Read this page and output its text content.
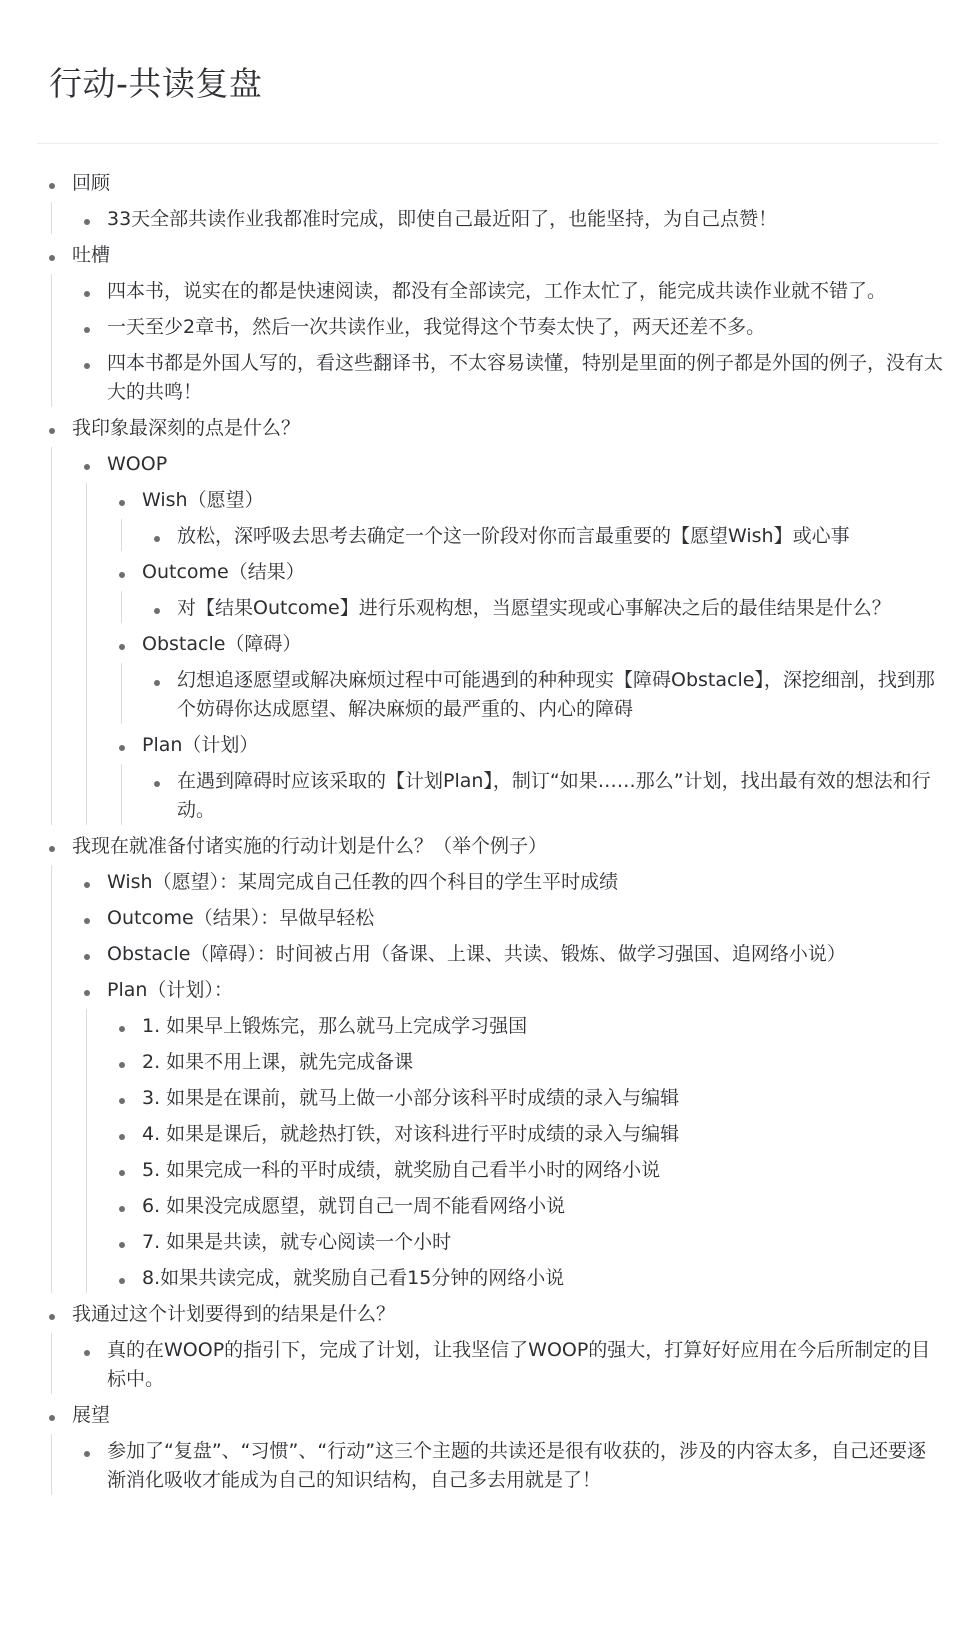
行动-共读复盘
回顾
33天全部共读作业我都准时完成，即使自己最近阳了，也能坚持，为自己点赞！
吐槽
四本书，说实在的都是快速阅读，都没有全部读完，工作太忙了，能完成共读作业就不错了。
一天至少2章书，然后一次共读作业，我觉得这个节奏太快了，两天还差不多。
四本书都是外国人写的，看这些翻译书，不太容易读懂，特别是里面的例子都是外国的例子，没有太大的共鸣！
我印象最深刻的点是什么？
WOOP
Wish（愿望）
放松，深呼吸去思考去确定一个这一阶段对你而言最重要的【愿望Wish】或心事
Outcome（结果）
对【结果Outcome】进行乐观构想，当愿望实现或心事解决之后的最佳结果是什么？
Obstacle（障碍）
幻想追逐愿望或解决麻烦过程中可能遇到的种种现实【障碍Obstacle】，深挖细剖，找到那个妨碍你达成愿望、解决麻烦的最严重的、内心的障碍
Plan（计划）
在遇到障碍时应该采取的【计划Plan】，制订“如果……那么”计划，找出最有效的想法和行动。
我现在就准备付诸实施的行动计划是什么？（举个例子）
Wish（愿望）：某周完成自己任教的四个科目的学生平时成绩
Outcome（结果）：早做早轻松
Obstacle（障碍）：时间被占用（备课、上课、共读、锻炼、做学习强国、追网络小说）
Plan（计划）：
1. 如果早上锻炼完，那么就马上完成学习强国
2. 如果不用上课，就先完成备课
3. 如果是在课前，就马上做一小部分该科平时成绩的录入与编辑
4. 如果是课后，就趁热打铁，对该科进行平时成绩的录入与编辑
5. 如果完成一科的平时成绩，就奖励自己看半小时的网络小说
6. 如果没完成愿望，就罚自己一周不能看网络小说
7. 如果是共读，就专心阅读一个小时
8.如果共读完成，就奖励自己看15分钟的网络小说
我通过这个计划要得到的结果是什么？
真的在WOOP的指引下，完成了计划，让我坚信了WOOP的强大，打算好好应用在今后所制定的目标中。
展望
参加了“复盘”、“习惯”、“行动”这三个主题的共读还是很有收获的，涉及的内容太多，自己还要逐渐消化吸收才能成为自己的知识结构，自己多去用就是了！
